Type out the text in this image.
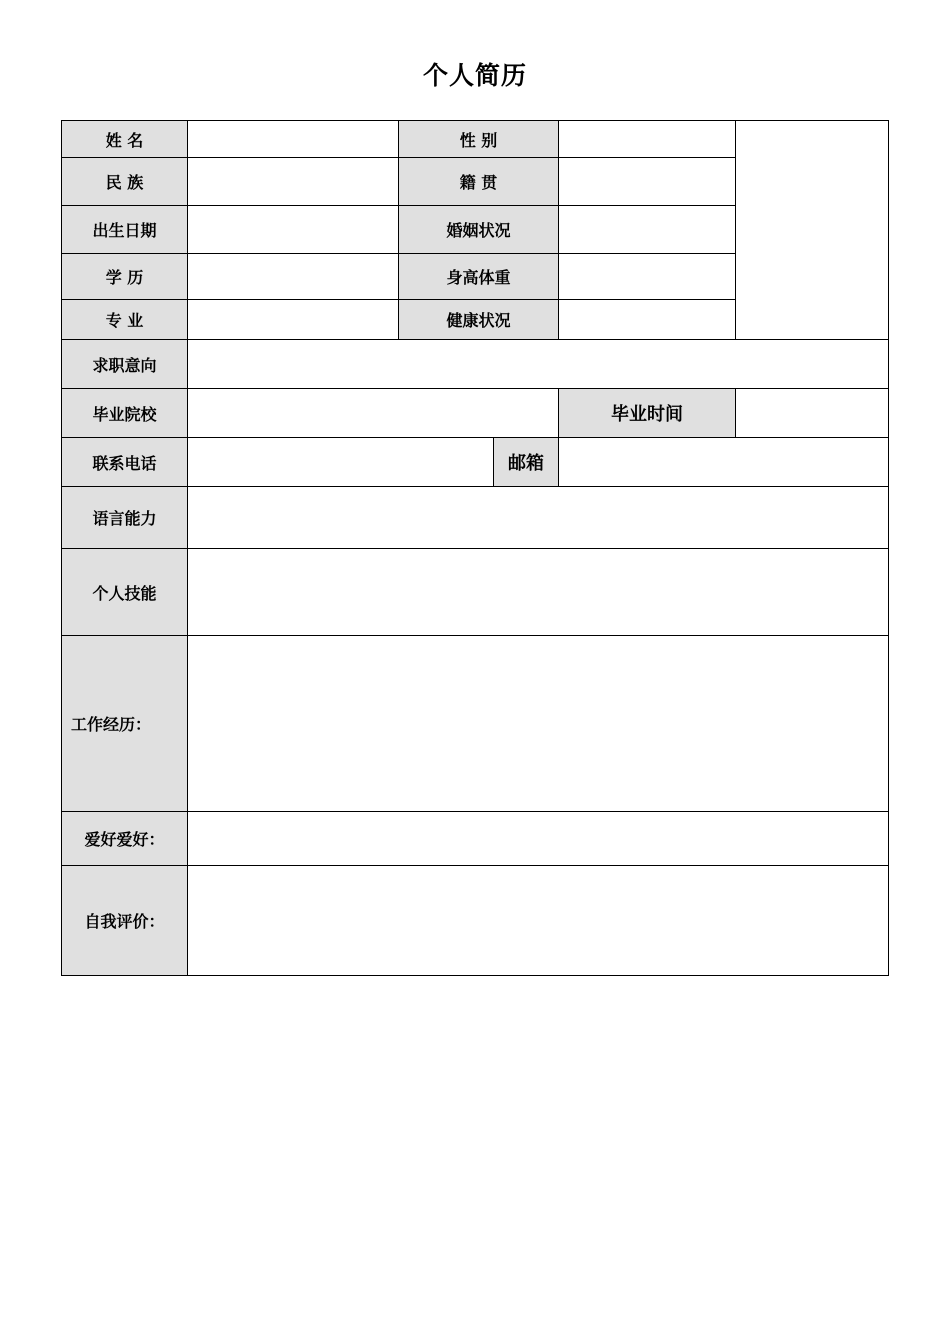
个人简历
姓 名	性 别
民 族	籍 贯
出生日期	婚姻状况
学 历	身高体重
专 业	健康状况
求职意向
毕业院校	毕业时间
联系电话	邮箱
语言能力
个人技能
工作经历：
爱好爱好：
自我评价：
